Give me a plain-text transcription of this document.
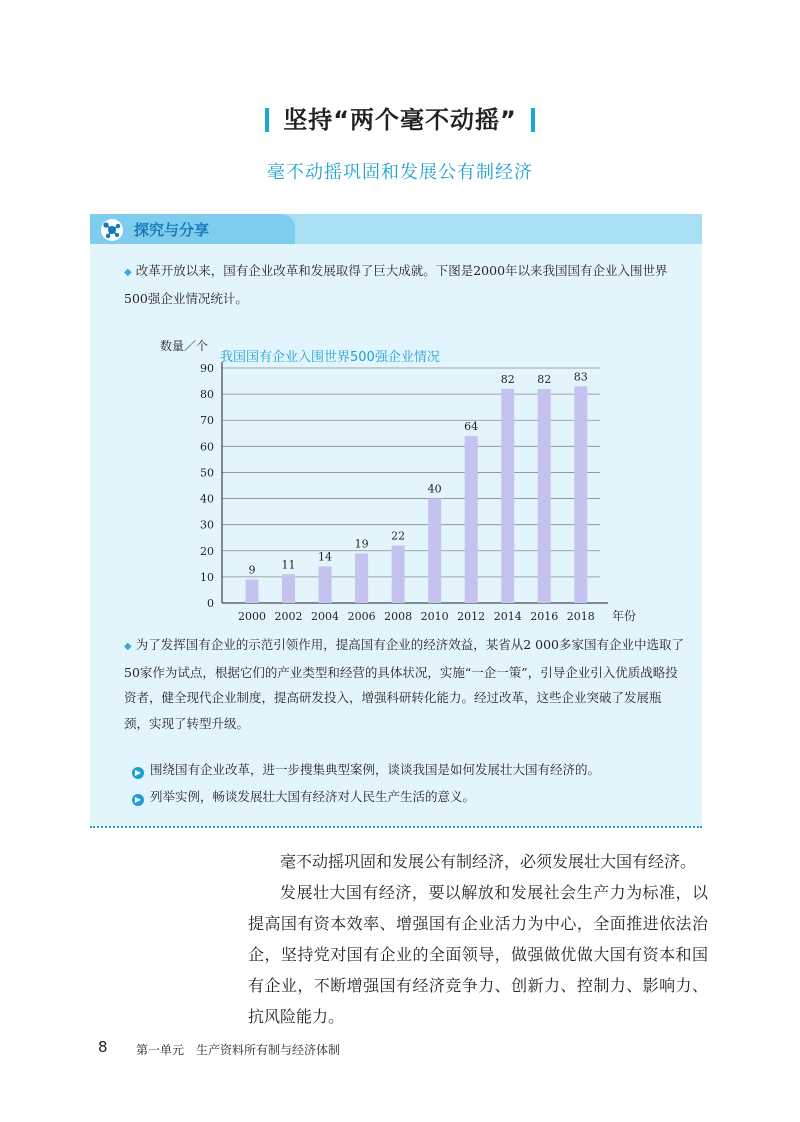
坚持“两个毫不动摇”
毫不动摇巩固和发展公有制经济
探究与分享
◆ 改革开放以来，国有企业改革和发展取得了巨大成就。下图是2000年以来我国国有企业入围世界500强企业情况统计。
我国国有企业入围世界500强企业情况
0
10
20
30
40
50
60
70
80
90
数量／个
年份
9
2000
11
2002
14
2004
19
2006
22
2008
40
2010
64
2012
82
2014
82
2016
83
2018
◆ 为了发挥国有企业的示范引领作用，提高国有企业的经济效益，某省从2 000多家国有企业中选取了50家作为试点，根据它们的产业类型和经营的具体状况，实施“一企一策”，引导企业引入优质战略投资者，健全现代企业制度，提高研发投入，增强科研转化能力。经过改革，这些企业突破了发展瓶颈，实现了转型升级。
▶ 围绕国有企业改革，进一步搜集典型案例，谈谈我国是如何发展壮大国有经济的。
▶ 列举实例，畅谈发展壮大国有经济对人民生产生活的意义。

毫不动摇巩固和发展公有制经济，必须发展壮大国有经济。

发展壮大国有经济，要以解放和发展社会生产力为标准，以提高国有资本效率、增强国有企业活力为中心，全面推进依法治企，坚持党对国有企业的全面领导，做强做优做大国有资本和国有企业，不断增强国有经济竞争力、创新力、控制力、影响力、抗风险能力。

8 第一单元　生产资料所有制与经济体制
